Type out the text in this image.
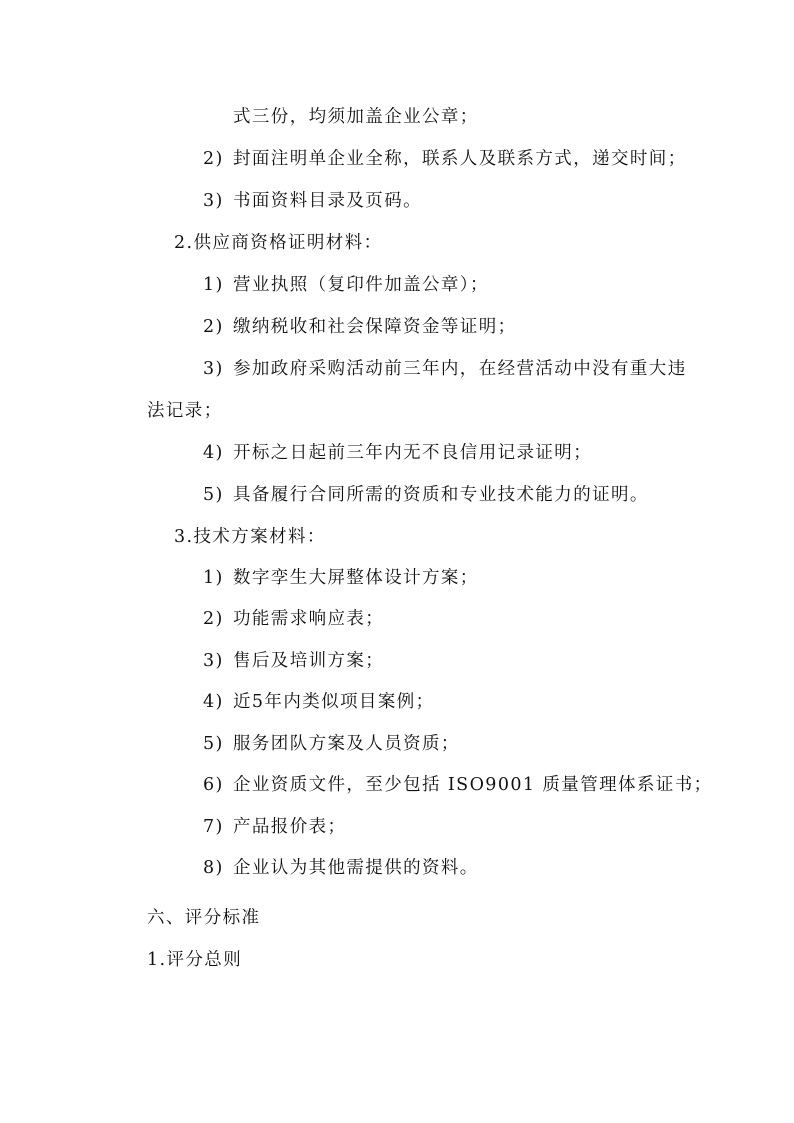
式三份，均须加盖企业公章；
2) 封面注明单企业全称，联系人及联系方式，递交时间；
3) 书面资料目录及页码。
2.供应商资格证明材料：
1) 营业执照（复印件加盖公章）；
2) 缴纳税收和社会保障资金等证明；
3) 参加政府采购活动前三年内，在经营活动中没有重大违
法记录；
4) 开标之日起前三年内无不良信用记录证明；
5) 具备履行合同所需的资质和专业技术能力的证明。
3.技术方案材料：
1) 数字孪生大屏整体设计方案；
2) 功能需求响应表；
3) 售后及培训方案；
4) 近5年内类似项目案例；
5) 服务团队方案及人员资质；
6) 企业资质文件，至少包括 ISO9001 质量管理体系证书；
7) 产品报价表；
8) 企业认为其他需提供的资料。
六、评分标准
1.评分总则
